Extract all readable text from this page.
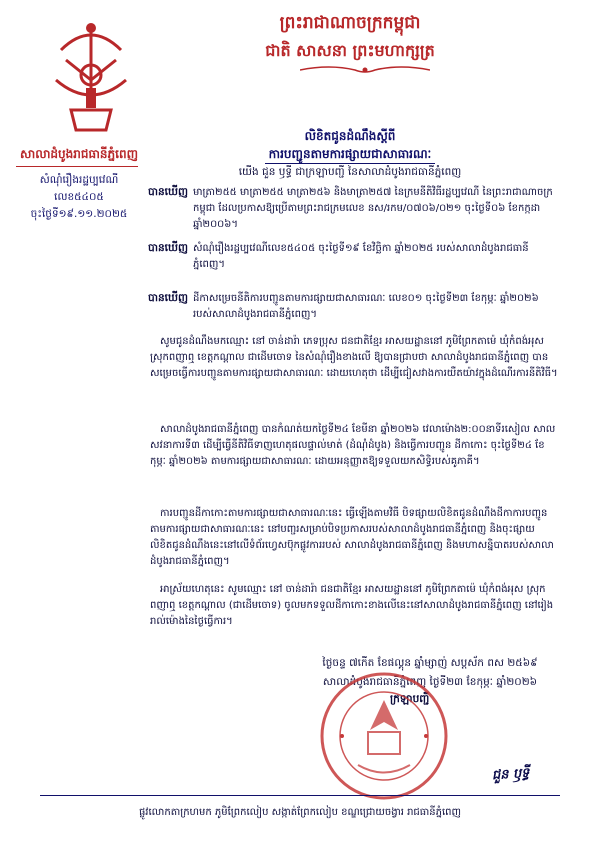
សាលាដំបូងរាជធានីភ្នំពេញ
សំណុំរឿងរដ្ឋប្បវេណី
លេខ៥៤០៥
ចុះថ្ងៃទី១៩.១១.២០២៥
ព្រះរាជាណាចក្រកម្ពុជា
ជាតិ សាសនា ព្រះមហាក្សត្រ
លិខិតជូនដំណឹងស្តីពី
ការបញ្ជូនតាមការផ្សាយជាសាធារណៈ
យើង ជួន ឫទ្ធី ជាក្រឡាបញ្ជី នៃសាលាដំបូងរាជធានីភ្នំពេញ
បានឃើញ មាត្រា២៥៥ មាត្រា២៥៥ មាត្រា២៥៦ និងមាត្រា២៥៧ នៃក្រមនីតិវិធីរដ្ឋប្បវេណី នៃព្រះរាជាណាចក្រកម្ពុជា ដែលប្រកាសឱ្យប្រើតាមព្រះរាជក្រមលេខ នស/រកម/០៧០៦/០២១ ចុះថ្ងៃទី០៦ ខែកក្កដា ឆ្នាំ២០០៦។
បានឃើញ សំណុំរឿងរដ្ឋប្បវេណីលេខ៥៤០៥ ចុះថ្ងៃទី១៩ ខែវិច្ឆិកា ឆ្នាំ២០២៥ របស់សាលាដំបូងរាជធានីភ្នំពេញ។
បានឃើញ ដីកាសម្រេចនីតិការបញ្ជូនតាមការផ្សាយជាសាធារណៈ លេខ០១ ចុះថ្ងៃទី២៣ ខែកុម្ភៈ ឆ្នាំ២០២៦ របស់សាលាដំបូងរាជធានីភ្នំពេញ។
សូមជូនដំណឹងមកឈ្មោះ នៅ ចាន់ដារ៉ា ភេទប្រុស ជនជាតិខ្មែរ អាសយដ្ឋាននៅ ភូមិព្រែកតាម៉េ ឃុំកំពង់អុស ស្រុកពញាឮ ខេត្តកណ្តាល ជាដើមចោទ នៃសំណុំរឿងខាងលើ ឱ្យបានជ្រាបថា សាលាដំបូងរាជធានីភ្នំពេញ បានសម្រេចធ្វើការបញ្ជូនតាមការផ្សាយជាសាធារណៈ ដោយហេតុថា ដើម្បីជៀសវាងការយឺតយ៉ាវក្នុងដំណើរការនីតិវិធី។
សាលាដំបូងរាជធានីភ្នំពេញ បានកំណត់យកថ្ងៃទី២៤ ខែមីនា ឆ្នាំ២០២៦ វេលាម៉ោង២:០០នាទីរសៀល សាលសវនាការទី៣ ដើម្បីធ្វើនីតិវិធីទាញហេតុផលផ្ទាល់មាត់ (ដំណុំដំបូង) និងធ្វើការបញ្ជូន ដីកាកោះ ចុះថ្ងៃទី២៤ ខែកុម្ភៈ ឆ្នាំ២០២៦ តាមការផ្សាយជាសាធារណៈ ដោយអនុញ្ញាតឱ្យទទួលយកសិទ្ធិរបស់គូភាគី។
ការបញ្ជូនដីកាកោះតាមការផ្សាយជាសាធារណៈនេះ ធ្វើឡើងតាមវិធី បិទផ្សាយលិខិតជូនដំណឹងដីកាការបញ្ជូនតាមការផ្សាយជាសាធារណៈនេះ នៅបញ្ជរសម្រាប់បិទប្រកាសរបស់សាលាដំបូងរាជធានីភ្នំពេញ និងចុះផ្សាយលិខិតជូនដំណឹងនេះនៅលើទំព័រហ្វេសប៊ុកផ្លូវការរបស់ សាលាដំបូងរាជធានីភ្នំពេញ និងមហាសន្និបាតរបស់សាលាដំបូងរាជធានីភ្នំពេញ។
អាស្រ័យហេតុនេះ សូមឈ្មោះ នៅ ចាន់ដារ៉ា ជនជាតិខ្មែរ អាសយដ្ឋាននៅ ភូមិព្រែកតាម៉េ ឃុំកំពង់អុស ស្រុកពញាឮ ខេត្តកណ្តាល (ជាដើមចោទ) ចូលមកទទួលដីកាកោះខាងលើនេះនៅសាលាដំបូងរាជធានីភ្នំពេញ នៅរៀងរាល់ម៉ោងនៃថ្ងៃធ្វើការ។
ថ្ងៃចន្ទ ៧កើត ខែផល្គុន ឆ្នាំម្សាញ់ សប្តស័ក ពស ២៥៦៩
សាលាដំបូងរាជធានីភ្នំពេញ ថ្ងៃទី២៣ ខែកុម្ភៈ ឆ្នាំ២០២៦
ក្រឡាបញ្ជី
ជួន ឫទ្ធី
ផ្លូវលោកតាក្រហមក ភូមិព្រែកលៀប សង្កាត់ព្រែកលៀប ខណ្ឌជ្រោយចង្វារ រាជធានីភ្នំពេញ
